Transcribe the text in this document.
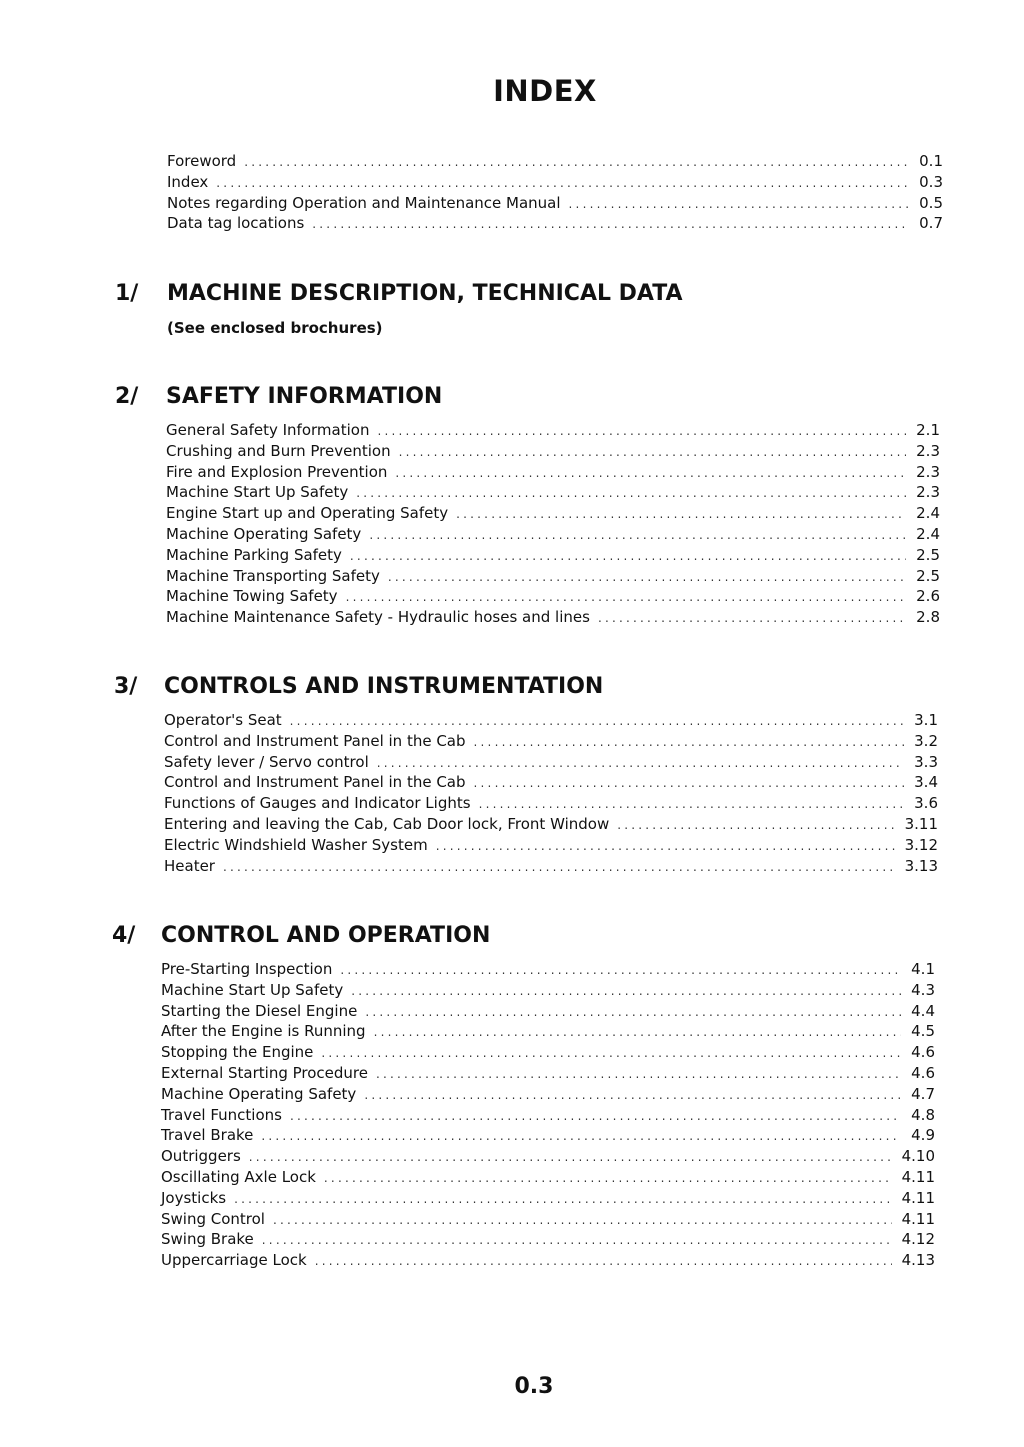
INDEX
Foreword .....	0.1
Index .....	0.3
Notes regarding Operation and Maintenance Manual .....	0.5
Data tag locations .....	0.7
1/ MACHINE DESCRIPTION, TECHNICAL DATA
(See enclosed brochures)
2/ SAFETY INFORMATION
General Safety Information .....	2.1
Crushing and Burn Prevention .....	2.3
Fire and Explosion Prevention .....	2.3
Machine Start Up Safety .....	2.3
Engine Start up and Operating Safety .....	2.4
Machine Operating Safety .....	2.4
Machine Parking Safety .....	2.5
Machine Transporting Safety .....	2.5
Machine Towing Safety .....	2.6
Machine Maintenance Safety - Hydraulic hoses and lines .....	2.8
3/ CONTROLS AND INSTRUMENTATION
Operator's Seat .....	3.1
Control and Instrument Panel in the Cab .....	3.2
Safety lever / Servo control .....	3.3
Control and Instrument Panel in the Cab .....	3.4
Functions of Gauges and Indicator Lights .....	3.6
Entering and leaving the Cab, Cab Door lock, Front Window .....	3.11
Electric Windshield Washer System .....	3.12
Heater .....	3.13
4/ CONTROL AND OPERATION
Pre-Starting Inspection .....	4.1
Machine Start Up Safety .....	4.3
Starting the Diesel Engine .....	4.4
After the Engine is Running .....	4.5
Stopping the Engine .....	4.6
External Starting Procedure .....	4.6
Machine Operating Safety .....	4.7
Travel Functions .....	4.8
Travel Brake .....	4.9
Outriggers .....	4.10
Oscillating Axle Lock .....	4.11
Joysticks .....	4.11
Swing Control .....	4.11
Swing Brake .....	4.12
Uppercarriage Lock .....	4.13
0.3
